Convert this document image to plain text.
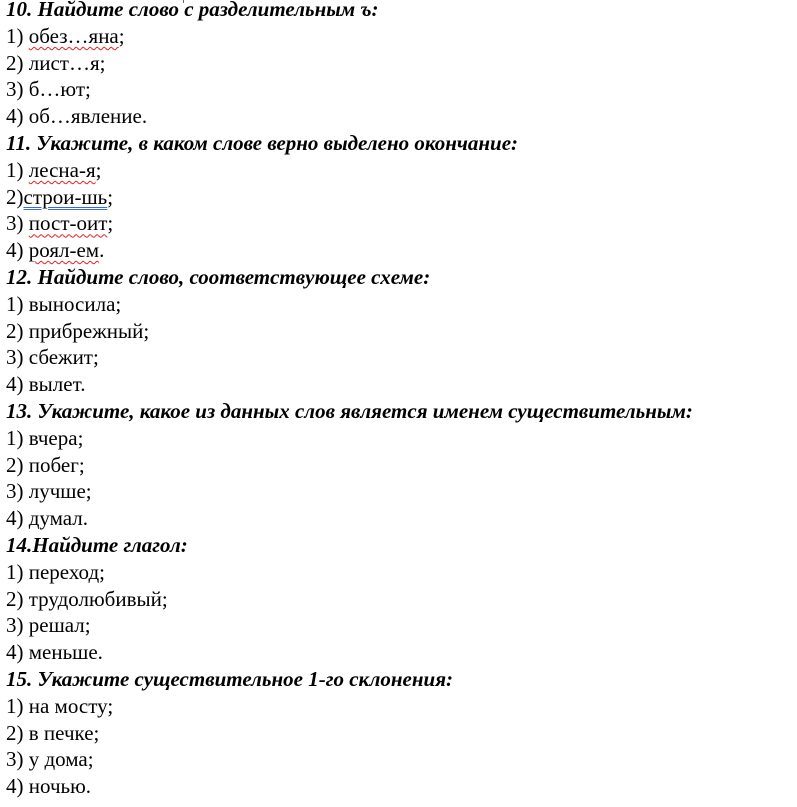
10. Найдите слово с разделительным ъ:
1) обез…яна;
2) лист…я;
3) б…ют;
4) об…явление.
11. Укажите, в каком слове верно выделено окончание:
1) лесна-я;
2)строи-шь;
3) пост-оит;
4) роял-ем.
12. Найдите слово, соответствующее схеме:
1) выносила;
2) прибрежный;
3) сбежит;
4) вылет.
13. Укажите, какое из данных слов является именем существительным:
1) вчера;
2) побег;
3) лучше;
4) думал.
14.Найдите глагол:
1) переход;
2) трудолюбивый;
3) решал;
4) меньше.
15. Укажите существительное 1-го склонения:
1) на мосту;
2) в печке;
3) у дома;
4) ночью.
